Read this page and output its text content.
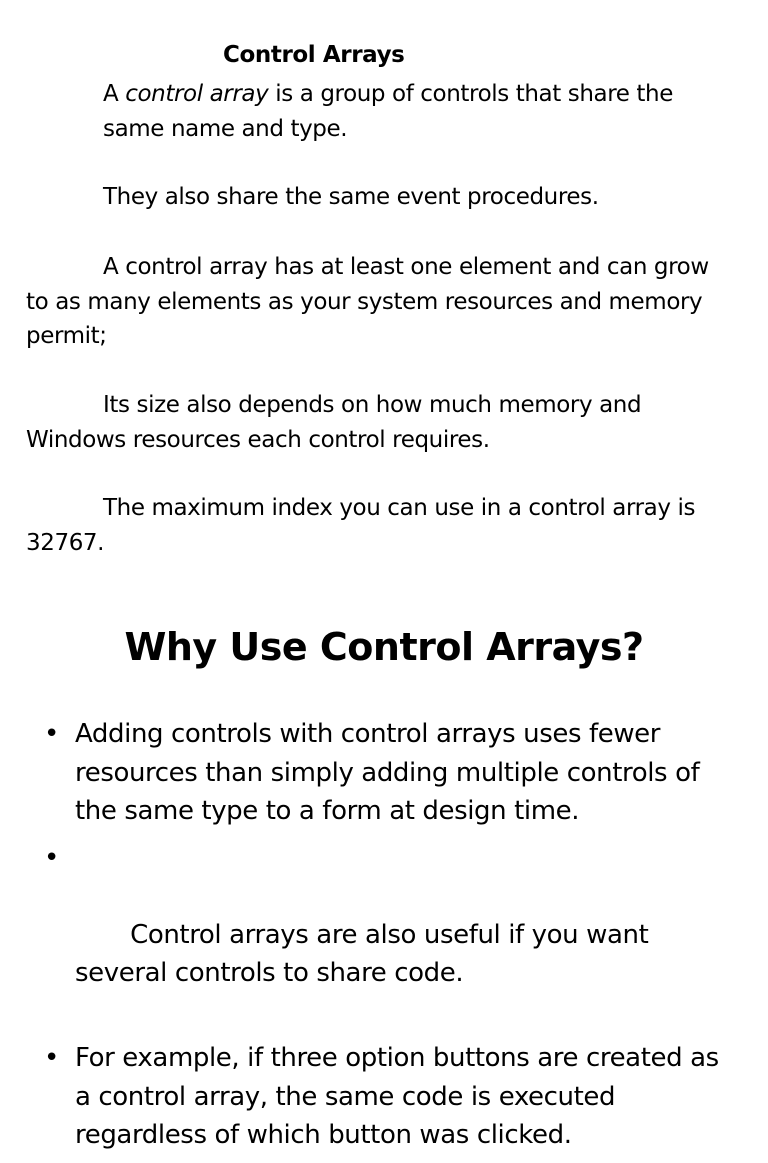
Control Arrays

A control array is a group of controls that share the same name and type.

They also share the same event procedures.

A control array has at least one element and can grow to as many elements as your system resources and memory permit;

Its size also depends on how much memory and Windows resources each control requires.

The maximum index you can use in a control array is 32767.

Why Use Control Arrays?
• Adding controls with control arrays uses fewer resources than simply adding multiple controls of the same type to a form at design time.

•

Control arrays are also useful if you want several controls to share code.

• For example, if three option buttons are created as a control array, the same code is executed regardless of which button was clicked.
